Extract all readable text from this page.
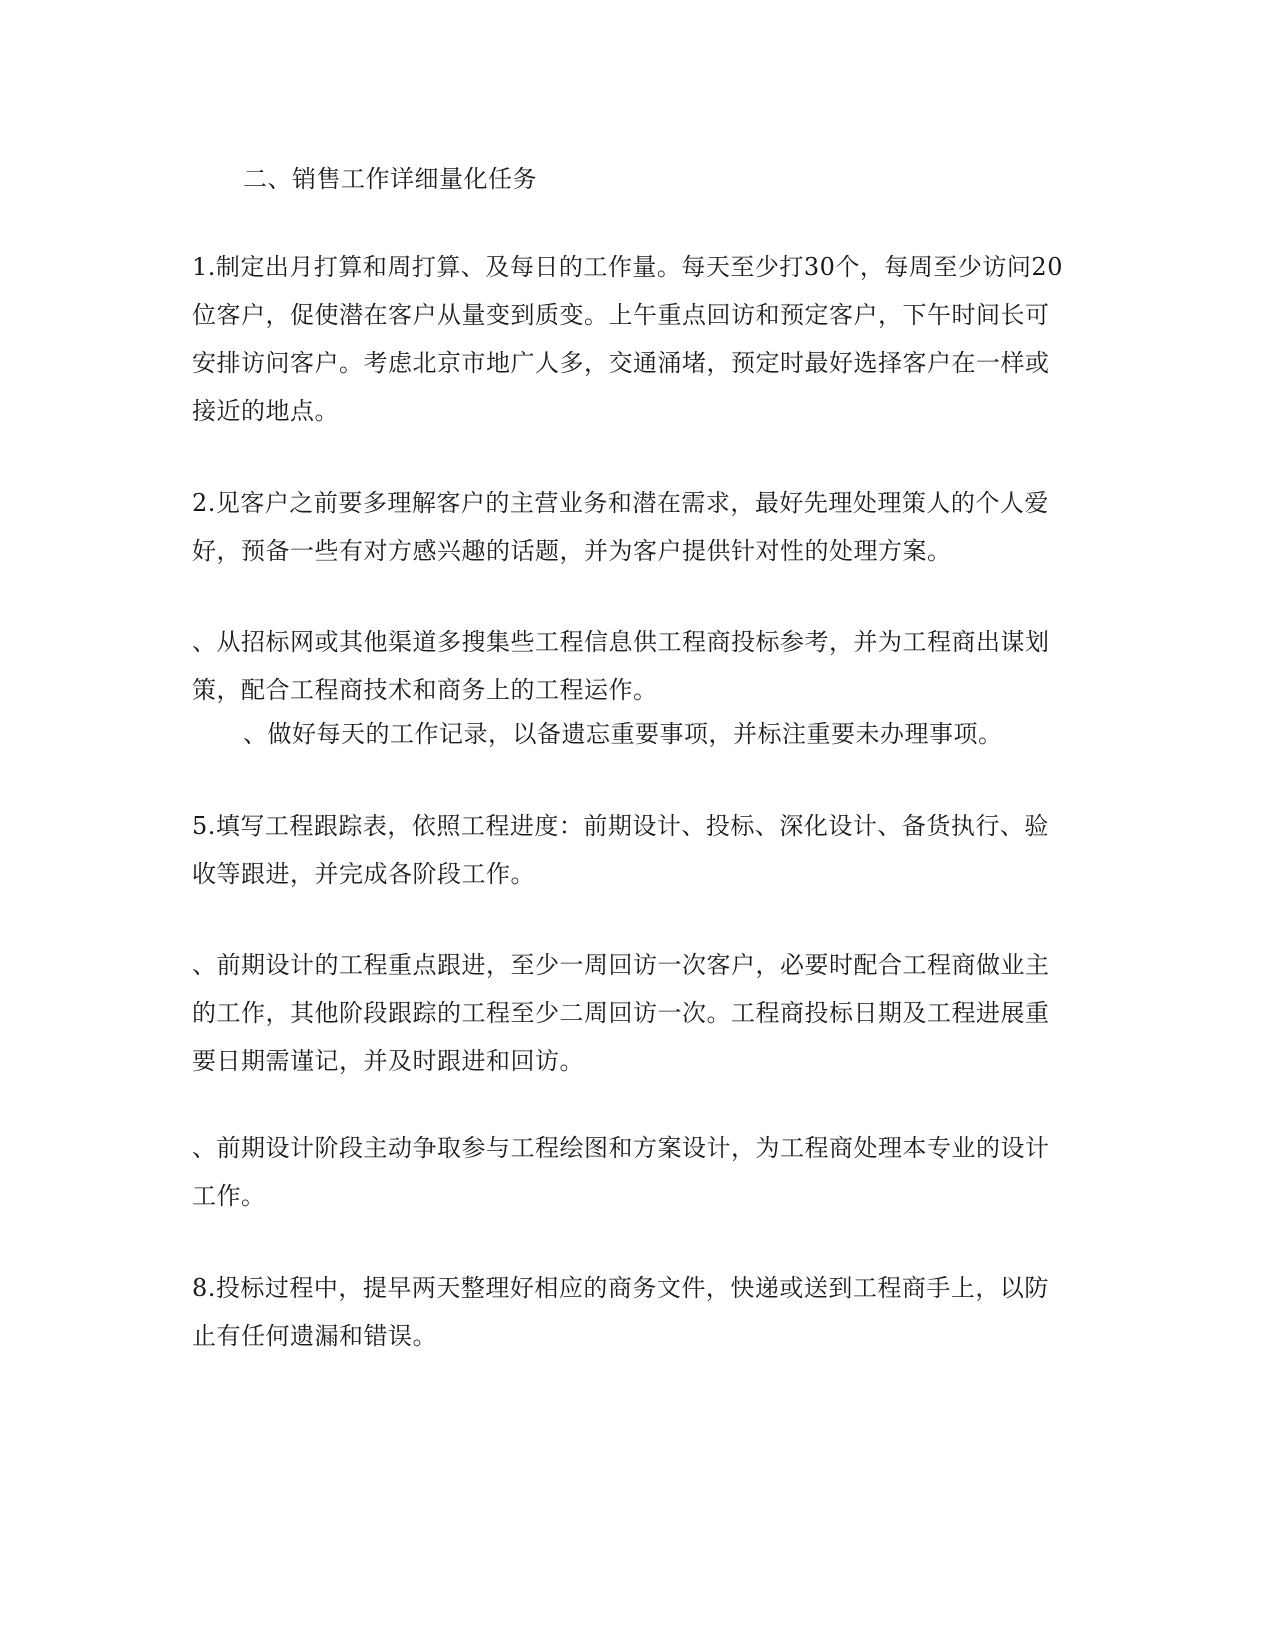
二、销售工作详细量化任务
1.制定出月打算和周打算、及每日的工作量。每天至少打30个，每周至少访问20
位客户，促使潜在客户从量变到质变。上午重点回访和预定客户，下午时间长可
安排访问客户。考虑北京市地广人多，交通涌堵，预定时最好选择客户在一样或
接近的地点。
2.见客户之前要多理解客户的主营业务和潜在需求，最好先理处理策人的个人爱
好，预备一些有对方感兴趣的话题，并为客户提供针对性的处理方案。
、从招标网或其他渠道多搜集些工程信息供工程商投标参考，并为工程商出谋划
策，配合工程商技术和商务上的工程运作。
、做好每天的工作记录，以备遗忘重要事项，并标注重要未办理事项。
5.填写工程跟踪表，依照工程进度：前期设计、投标、深化设计、备货执行、验
收等跟进，并完成各阶段工作。
、前期设计的工程重点跟进，至少一周回访一次客户，必要时配合工程商做业主
的工作，其他阶段跟踪的工程至少二周回访一次。工程商投标日期及工程进展重
要日期需谨记，并及时跟进和回访。
、前期设计阶段主动争取参与工程绘图和方案设计，为工程商处理本专业的设计
工作。
8.投标过程中，提早两天整理好相应的商务文件，快递或送到工程商手上，以防
止有任何遗漏和错误。
